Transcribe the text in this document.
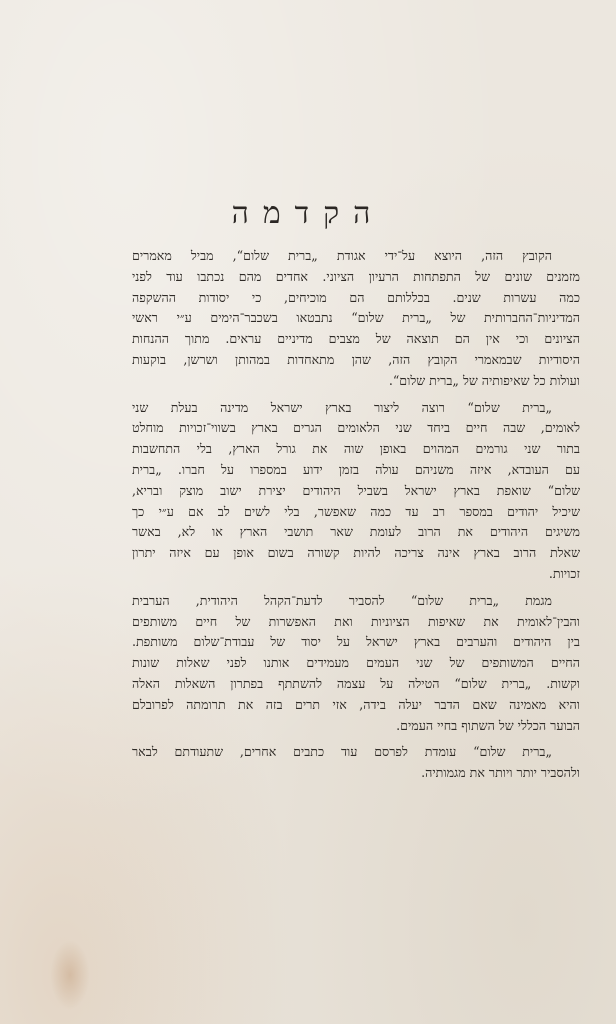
הקדמה
הקובץ הזה, היוצא על־ידי אגודת „ברית שלום“, מביל מאמרים
מזמנים שונים של התפתחות הרעיון הציוני. אחדים מהם נכתבו עוד לפני
כמה עשרות שנים. בכללותם הם מוכיחים, כי יסודות ההשקפה
המדיניות־החברותית של „ברית שלום“ נתבטאו בשכבר־הימים ע״י ראשי
הציונים וכי אין הם תוצאה של מצבים מדיניים עראים. מתוך ההנחות
היסודיות שבמאמרי הקובץ הזה, שהן מתאחדות במהותן ושרשן, בוקעות
ועולות כל שאיפותיה של „ברית שלום“.
„ברית שלום“ רוצה ליצור בארץ ישראל מדינה בעלת שני
לאומים, שבה חיים ביחד שני הלאומים הגרים בארץ בשווי־זכויות מוחלט
בתור שני גורמים המהוים באופן שוה את גורל הארץ, בלי התחשבות
עם העובדא, איזה משניהם עולה בזמן ידוע במספרו על חברו. „ברית
שלום“ שואפת בארץ ישראל בשביל היהודים יצירת ישוב מוצק ובריא,
שיכיל יהודים במספר רב עד כמה שאפשר, בלי לשים לב אם ע״י כך
משיגים היהודים את הרוב לעומת שאר תושבי הארץ או לא, באשר
שאלת הרוב בארץ אינה צריכה להיות קשורה בשום אופן עם איזה יתרון
זכויות.
מגמת „ברית שלום“ להסביר לדעת־הקהל היהודית, הערבית
והבין־לאומית את שאיפות הציוניות ואת האפשרות של חיים משותפים
בין היהודים והערבים בארץ ישראל על יסוד של עבודת־שלום משותפת.
החיים המשותפים של שני העמים מעמידים אותנו לפני שאלות שונות
וקשות. „ברית שלום“ הטילה על עצמה להשתתף בפתרון השאלות האלה
והיא מאמינה שאם הדבר יעלה בידה, אזי תרים בזה את תרומתה לפרובלם
הבוער הכללי של השתוף בחיי העמים.
„ברית שלום“ עומדת לפרסם עוד כתבים אחרים, שתעודתם לבאר
ולהסביר יותר ויותר את מגמותיה.
